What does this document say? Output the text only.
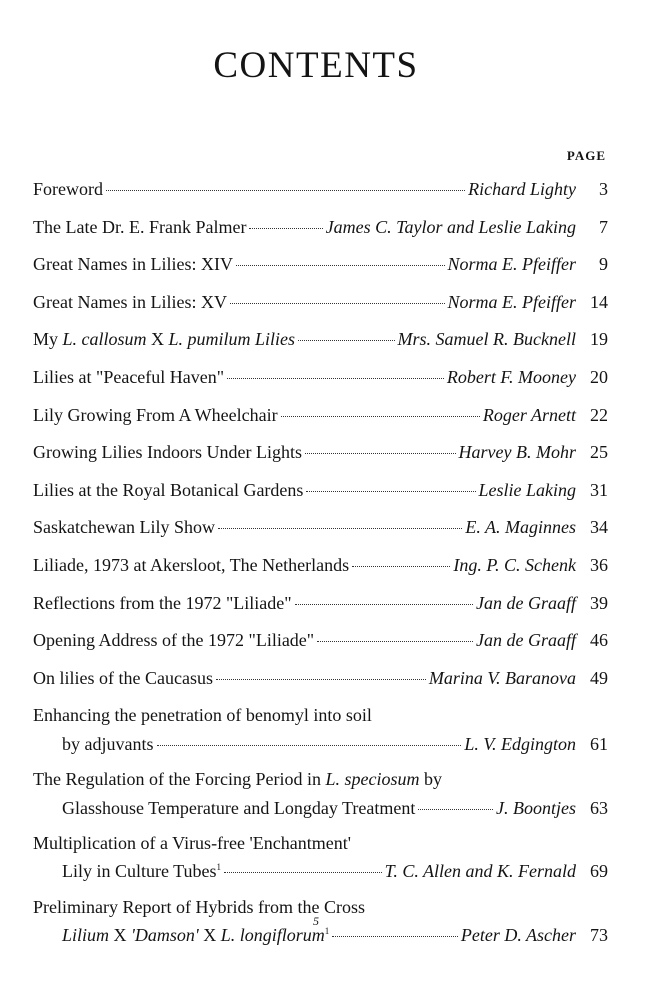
CONTENTS
PAGE
Foreword	Richard Lighty	3
The Late Dr. E. Frank Palmer	James C. Taylor and Leslie Laking	7
Great Names in Lilies: XIV	Norma E. Pfeiffer	9
Great Names in Lilies: XV	Norma E. Pfeiffer 14
My L. callosum X L. pumilum Lilies	Mrs. Samuel R. Bucknell 19
Lilies at "Peaceful Haven"	Robert F. Mooney 20
Lily Growing From A Wheelchair	Roger Arnett 22
Growing Lilies Indoors Under Lights	Harvey B. Mohr 25
Lilies at the Royal Botanical Gardens	Leslie Laking 31
Saskatchewan Lily Show	E. A. Maginnes 34
Liliade, 1973 at Akersloot, The Netherlands	Ing. P. C. Schenk 36
Reflections from the 1972 "Liliade"	Jan de Graaff 39
Opening Address of the 1972 "Liliade"	Jan de Graaff 46
On lilies of the Caucasus	Marina V. Baranova 49
Enhancing the penetration of benomyl into soil
by adjuvants	L. V. Edgington 61
The Regulation of the Forcing Period in L. speciosum by
Glasshouse Temperature and Longday Treatment	J. Boontjes 63
Multiplication of a Virus-free 'Enchantment'
Lily in Culture Tubes$^1$	T. C. Allen and K. Fernald 69
Preliminary Report of Hybrids from the Cross
Lilium X 'Damson' X L. longiflorum$^1$	Peter D. Ascher 73
5
